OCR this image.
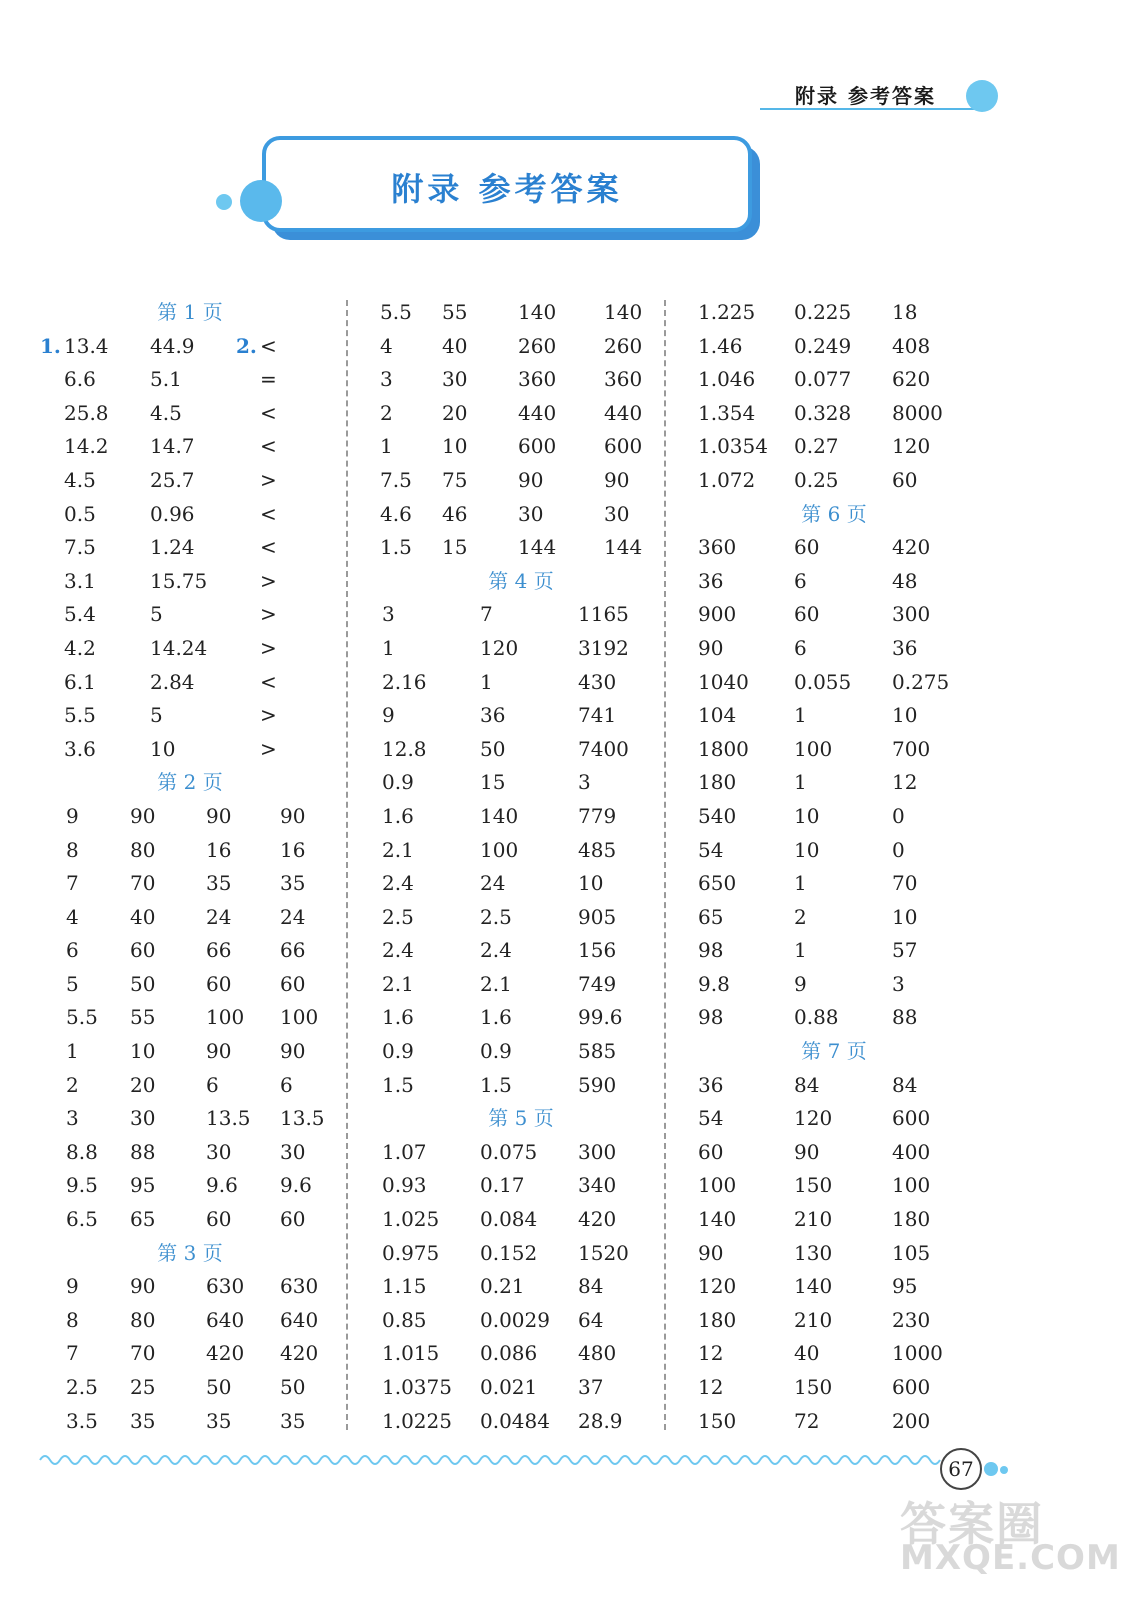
附录 参考答案
附录 参考答案
第 1 页
1. 13.4 44.9 2. <
6.6	5.1	=
25.8 4.5	<
14.2 14.7	<
4.5	25.7	>
0.5	0.96	<
7.5	1.24	<
3.1	15.75	>
5.4	5	>
4.2	14.24	>
6.1	2.84	<
5.5	5	>
3.6	10	>
第 2 页
9	90	90 90
8	80	16 16
7	70	35 35
4	40	24 24
6	60	66 66
5	50	60 60
5.5 55	100 100
1	10	90 90
2	20	6	6
3	30	13.5 13.5
8.8 88	30 30
9.5 95	9.6 9.6
6.5 65	60 60
第 3 页
9	90	630 630
8	80	640 640
7	70	420 420
2.5 25	50 50
3.5 35	35 35
5.5 55	140 140
4 40	260 260
3 30	360 360
2 20	440 440
1 10	600 600
7.5 75	90	90
4.6 46	30	30
1.5 15	144 144
第 4 页
3	7	1165
1	120	3192
2.16	1	430
9	36	741
12.8	50	7400
0.9	15	3
1.6	140	779
2.1	100	485
2.4	24	10
2.5	2.5	905
2.4	2.4	156
2.1	2.1	749
1.6	1.6	99.6
0.9	0.9	585
1.5	1.5	590
第 5 页
1.07	0.075 300
0.93	0.17	340
1.025 0.084 420
0.975 0.152 1520
1.15	0.21	84
0.85	0.0029 64
1.015 0.086 480
1.0375 0.021 37
1.0225 0.0484 28.9
1.225 0.225 18
1.46	0.249 408
1.046 0.077 620
1.354 0.328 8000
1.0354 0.27	120
1.072 0.25	60
第 6 页
360	60	420
36	6	48
900	60	300
90	6	36
1040 0.055 0.275
104	1	10
1800 100	700
180	1	12
540	10	0
54	10	0
650	1	70
65	2	10
98	1	57
9.8	9	3
98	0.88	88
第 7 页
36	84	84
54	120	600
60	90	400
100	150	100
140	210	180
90	130	105
120	140	95
180	210	230
12	40	1000
12	150	600
150	72	200
67
答案圈
MXQE.COM
